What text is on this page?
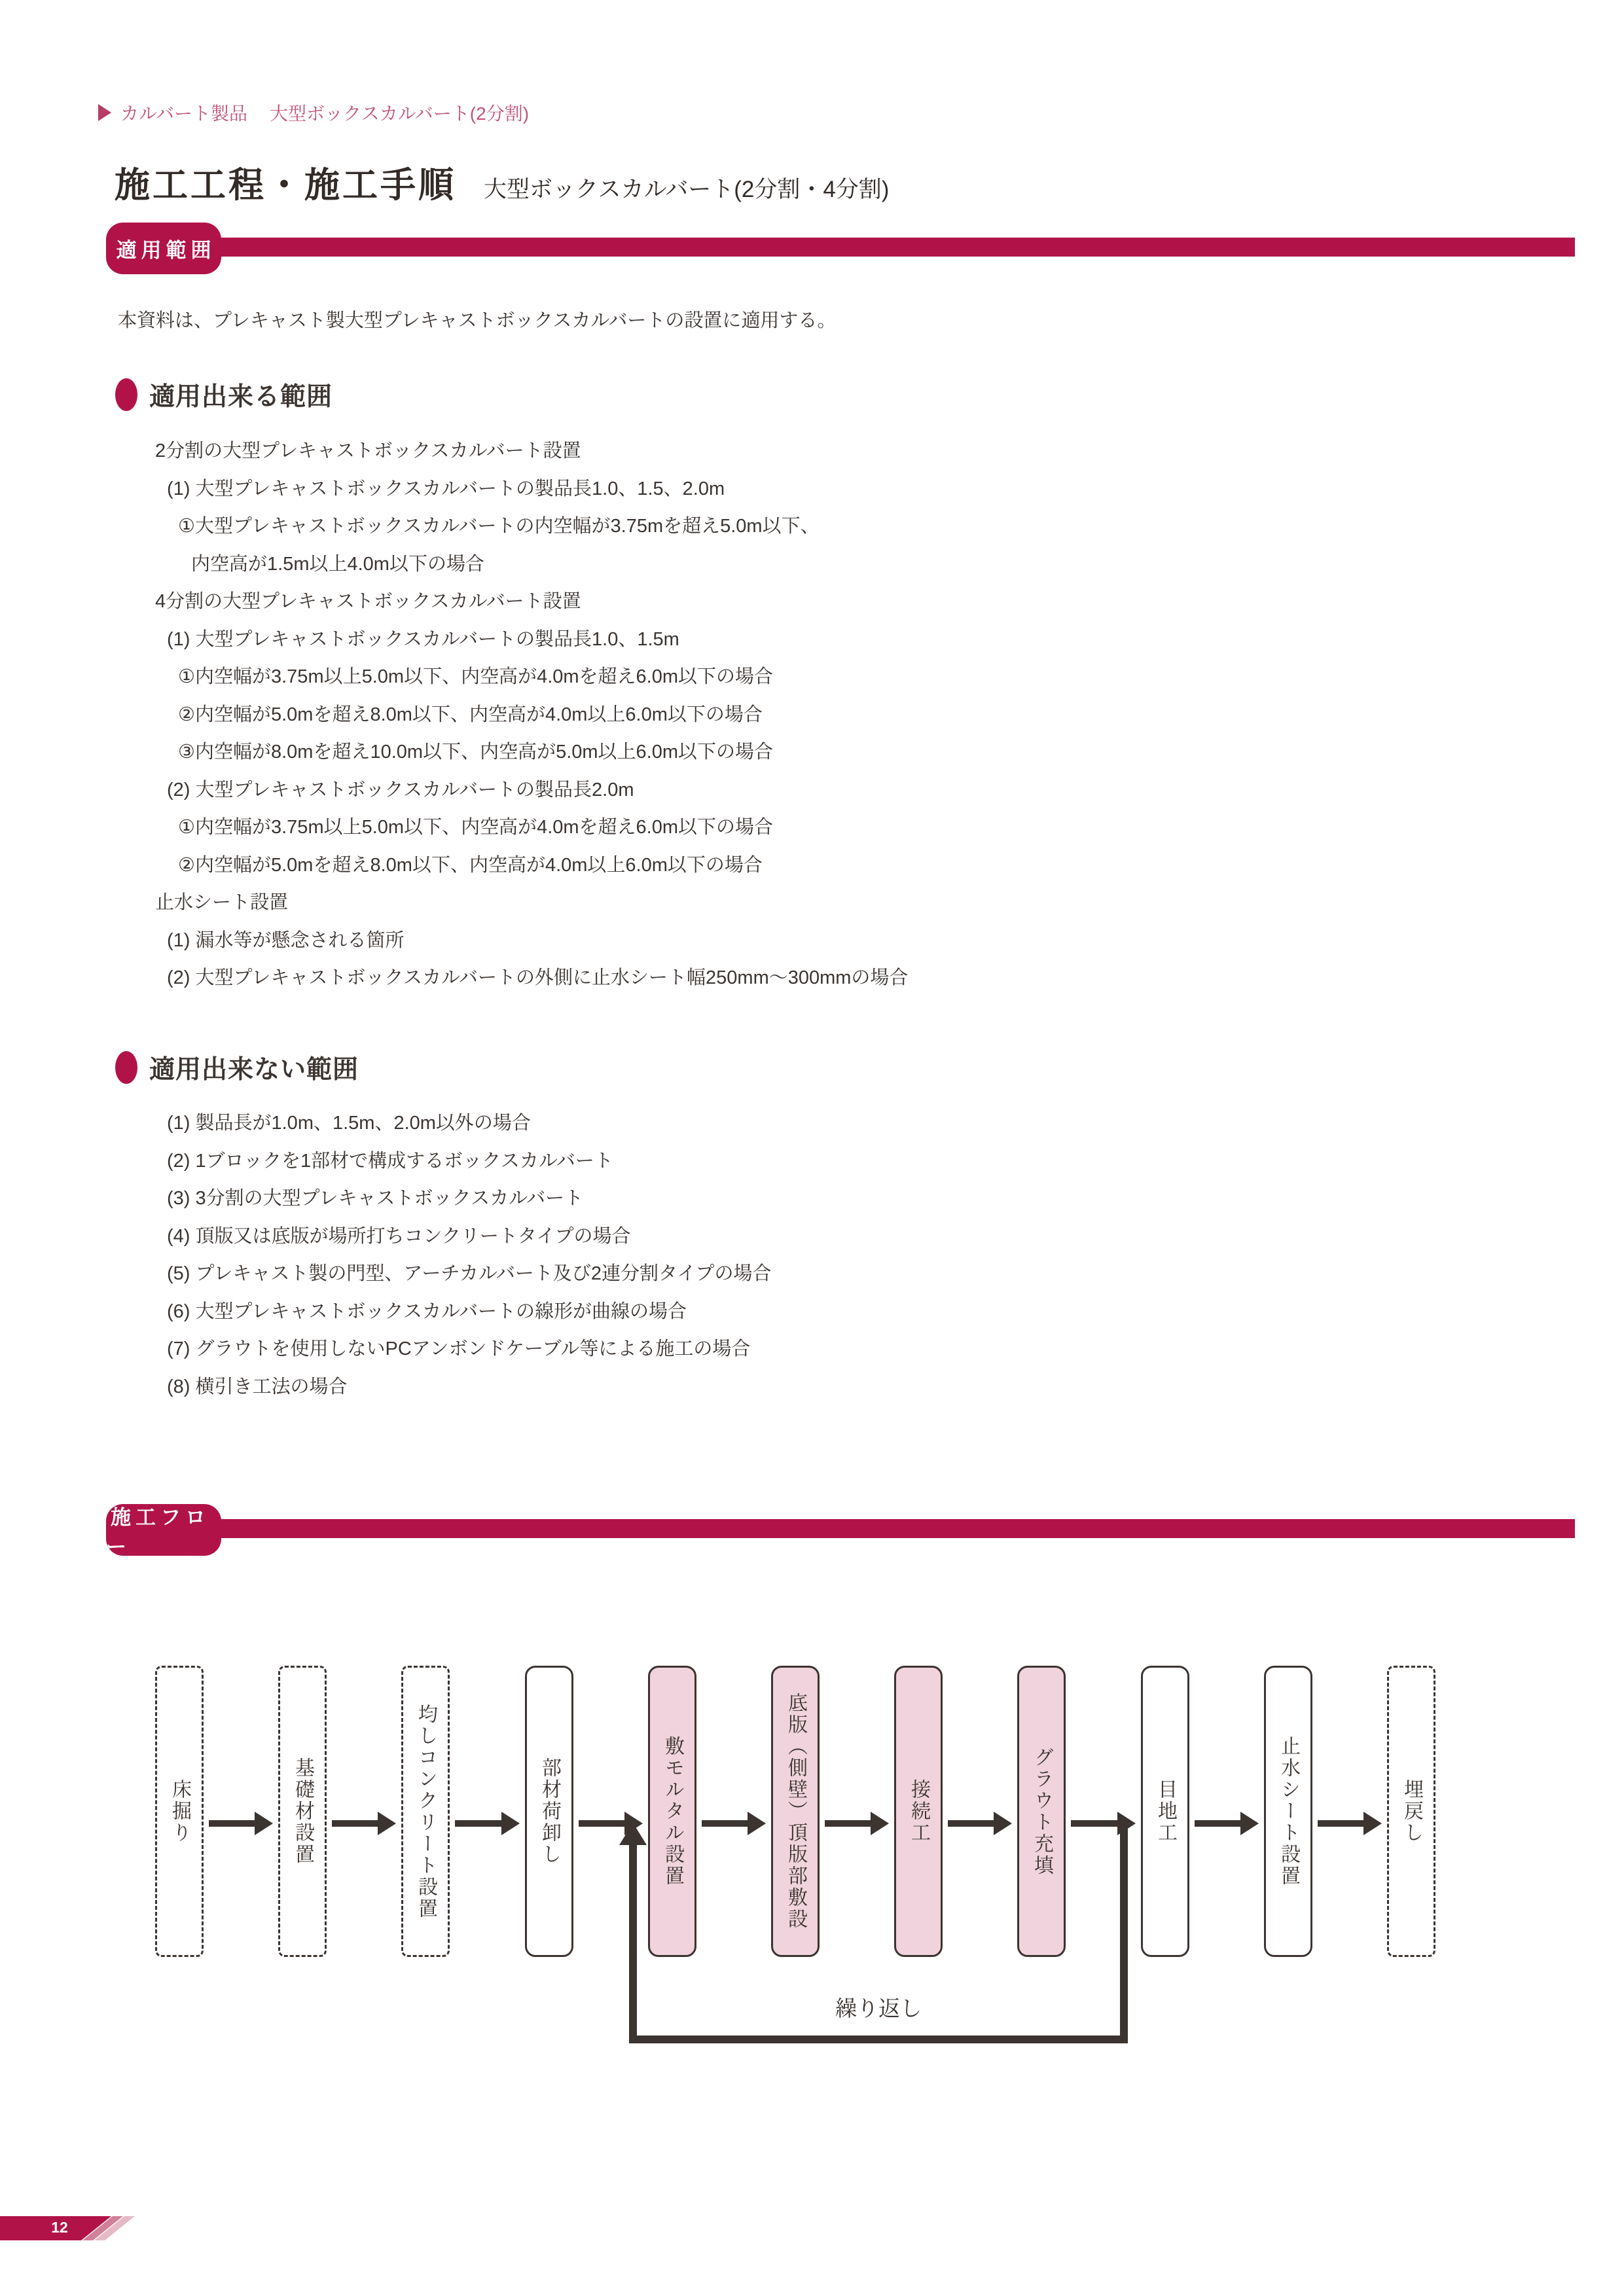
カルバート製品 大型ボックスカルバート(2分割)
施工工程・施工手順 大型ボックスカルバート(2分割・4分割)
適用範囲
本資料は、プレキャスト製大型プレキャストボックスカルバートの設置に適用する。
適用出来る範囲
2分割の大型プレキャストボックスカルバート設置
(1) 大型プレキャストボックスカルバートの製品長1.0、1.5、2.0m
①大型プレキャストボックスカルバートの内空幅が3.75mを超え5.0m以下、
内空高が1.5m以上4.0m以下の場合
4分割の大型プレキャストボックスカルバート設置
(1) 大型プレキャストボックスカルバートの製品長1.0、1.5m
①内空幅が3.75m以上5.0m以下、内空高が4.0mを超え6.0m以下の場合
②内空幅が5.0mを超え8.0m以下、内空高が4.0m以上6.0m以下の場合
③内空幅が8.0mを超え10.0m以下、内空高が5.0m以上6.0m以下の場合
(2) 大型プレキャストボックスカルバートの製品長2.0m
①内空幅が3.75m以上5.0m以下、内空高が4.0mを超え6.0m以下の場合
②内空幅が5.0mを超え8.0m以下、内空高が4.0m以上6.0m以下の場合
止水シート設置
(1) 漏水等が懸念される箇所
(2) 大型プレキャストボックスカルバートの外側に止水シート幅250mm～300mmの場合
適用出来ない範囲
(1) 製品長が1.0m、1.5m、2.0m以外の場合
(2) 1ブロックを1部材で構成するボックスカルバート
(3) 3分割の大型プレキャストボックスカルバート
(4) 頂版又は底版が場所打ちコンクリートタイプの場合
(5) プレキャスト製の門型、アーチカルバート及び2連分割タイプの場合
(6) 大型プレキャストボックスカルバートの線形が曲線の場合
(7) グラウトを使用しないPCアンボンドケーブル等による施工の場合
(8) 横引き工法の場合
施工フロー
繰り返し
床掘り	基礎材設置	均しコンクリート設置	部材荷卸し	敷モルタル設置	底版（側壁）頂版部敷設	接続工	グラウト充填	目地工	止水シート設置	埋戻し
12
